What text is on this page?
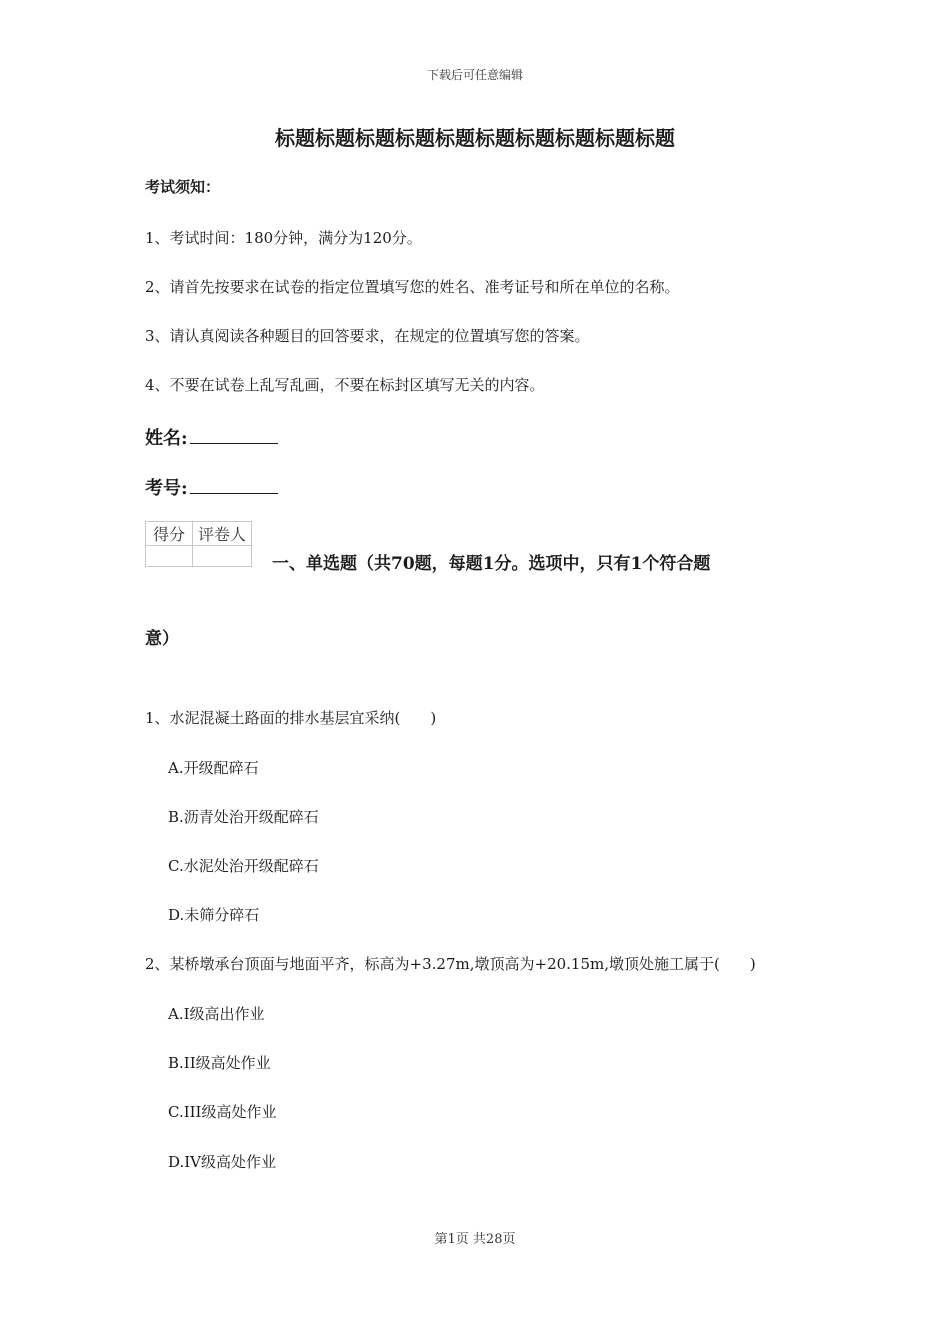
下载后可任意编辑
标题标题标题标题标题标题标题标题标题标题
考试须知：
1、考试时间：180分钟，满分为120分。
2、请首先按要求在试卷的指定位置填写您的姓名、准考证号和所在单位的名称。
3、请认真阅读各种题目的回答要求，在规定的位置填写您的答案。
4、不要在试卷上乱写乱画，不要在标封区填写无关的内容。
姓名:
考号:
得分	评卷人

一、单选题（共70题，每题1分。选项中，只有1个符合题
意）
1、水泥混凝土路面的排水基层宜采纳(　　)
A.开级配碎石
B.沥青处治开级配碎石
C.水泥处治开级配碎石
D.未筛分碎石
2、某桥墩承台顶面与地面平齐，标高为+3.27m,墩顶高为+20.15m,墩顶处施工属于(　　)
A.I级高出作业
B.II级高处作业
C.III级高处作业
D.IV级高处作业
第1页 共28页
